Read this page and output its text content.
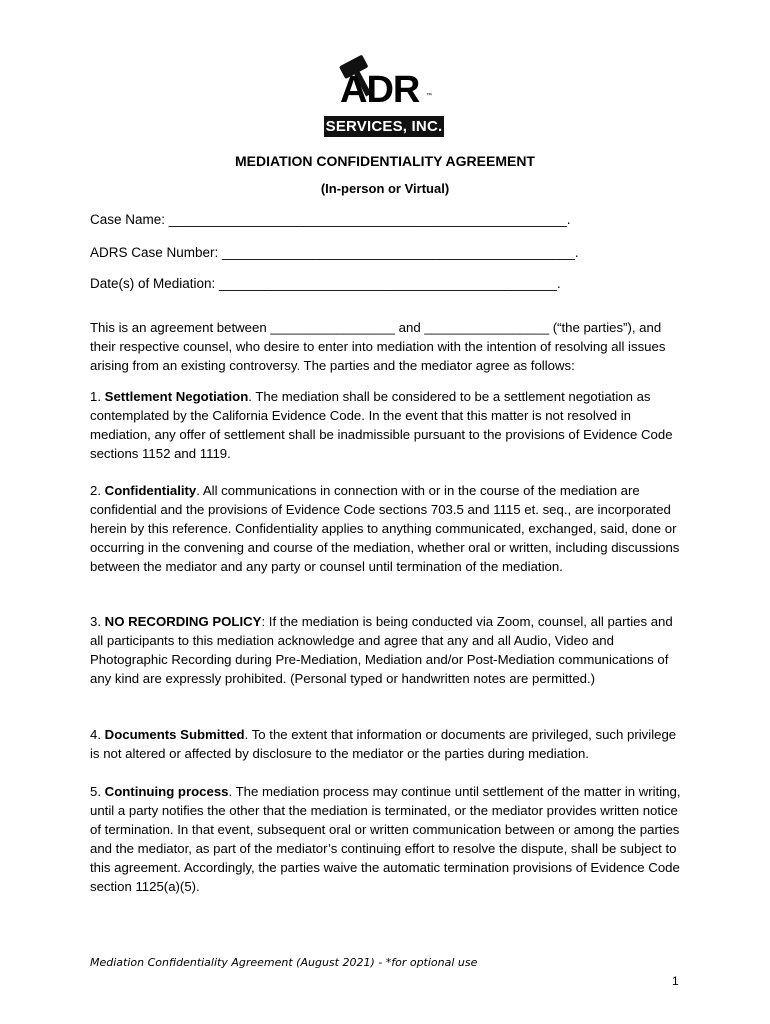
ADR ™
SERVICES, INC.
MEDIATION CONFIDENTIALITY AGREEMENT
(In-person or Virtual)
Case Name: _____________________________________________________.
ADRS Case Number: _______________________________________________.
Date(s) of Mediation: _____________________________________________.
This is an agreement between _________________ and _________________ (“the parties”), and their respective counsel, who desire to enter into mediation with the intention of resolving all issues arising from an existing controversy. The parties and the mediator agree as follows:
1. Settlement Negotiation. The mediation shall be considered to be a settlement negotiation as contemplated by the California Evidence Code. In the event that this matter is not resolved in mediation, any offer of settlement shall be inadmissible pursuant to the provisions of Evidence Code sections 1152 and 1119.
2. Confidentiality. All communications in connection with or in the course of the mediation are confidential and the provisions of Evidence Code sections 703.5 and 1115 et. seq., are incorporated herein by this reference. Confidentiality applies to anything communicated, exchanged, said, done or occurring in the convening and course of the mediation, whether oral or written, including discussions between the mediator and any party or counsel until termination of the mediation.
3. NO RECORDING POLICY: If the mediation is being conducted via Zoom, counsel, all parties and all participants to this mediation acknowledge and agree that any and all Audio, Video and Photographic Recording during Pre-Mediation, Mediation and/or Post-Mediation communications of any kind are expressly prohibited. (Personal typed or handwritten notes are permitted.)
4. Documents Submitted. To the extent that information or documents are privileged, such privilege is not altered or affected by disclosure to the mediator or the parties during mediation.
5. Continuing process. The mediation process may continue until settlement of the matter in writing, until a party notifies the other that the mediation is terminated, or the mediator provides written notice of termination. In that event, subsequent oral or written communication between or among the parties and the mediator, as part of the mediator’s continuing effort to resolve the dispute, shall be subject to this agreement. Accordingly, the parties waive the automatic termination provisions of Evidence Code section 1125(a)(5).
Mediation Confidentiality Agreement (August 2021) - *for optional use
1
